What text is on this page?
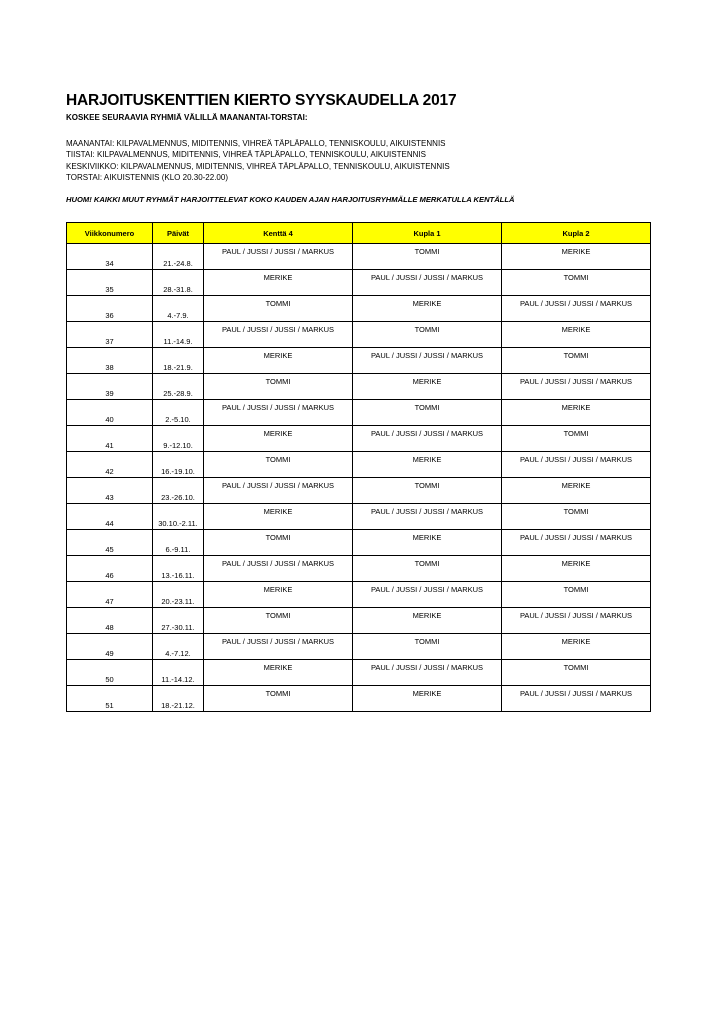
HARJOITUSKENTTIEN KIERTO SYYSKAUDELLA 2017
KOSKEE SEURAAVIA RYHMIÄ VÄLILLÄ MAANANTAI-TORSTAI:
MAANANTAI: KILPAVALMENNUS, MIDITENNIS, VIHREÄ TÄPLÄPALLO, TENNISKOULU, AIKUISTENNIS
TIISTAI: KILPAVALMENNUS, MIDITENNIS, VIHREÄ TÄPLÄPALLO, TENNISKOULU, AIKUISTENNIS
KESKIVIIKKO: KILPAVALMENNUS, MIDITENNIS, VIHREÄ TÄPLÄPALLO, TENNISKOULU, AIKUISTENNIS
TORSTAI: AIKUISTENNIS (KLO 20.30-22.00)
HUOM! KAIKKI MUUT RYHMÄT HARJOITTELEVAT KOKO KAUDEN AJAN HARJOITUSRYHMÄLLE MERKATULLA KENTÄLLÄ
Viikkonumero	Päivät	Kenttä 4	Kupla 1	Kupla 2
34	21.-24.8.	PAUL / JUSSI / JUSSI / MARKUS	TOMMI	MERIKE
35	28.-31.8.	MERIKE	PAUL / JUSSI / JUSSI / MARKUS	TOMMI
36	4.-7.9.	TOMMI	MERIKE	PAUL / JUSSI / JUSSI / MARKUS
37	11.-14.9.	PAUL / JUSSI / JUSSI / MARKUS	TOMMI	MERIKE
38	18.-21.9.	MERIKE	PAUL / JUSSI / JUSSI / MARKUS	TOMMI
39	25.-28.9.	TOMMI	MERIKE	PAUL / JUSSI / JUSSI / MARKUS
40	2.-5.10.	PAUL / JUSSI / JUSSI / MARKUS	TOMMI	MERIKE
41	9.-12.10.	MERIKE	PAUL / JUSSI / JUSSI / MARKUS	TOMMI
42	16.-19.10.	TOMMI	MERIKE	PAUL / JUSSI / JUSSI / MARKUS
43	23.-26.10.	PAUL / JUSSI / JUSSI / MARKUS	TOMMI	MERIKE
44	30.10.-2.11.	MERIKE	PAUL / JUSSI / JUSSI / MARKUS	TOMMI
45	6.-9.11.	TOMMI	MERIKE	PAUL / JUSSI / JUSSI / MARKUS
46	13.-16.11.	PAUL / JUSSI / JUSSI / MARKUS	TOMMI	MERIKE
47	20.-23.11.	MERIKE	PAUL / JUSSI / JUSSI / MARKUS	TOMMI
48	27.-30.11.	TOMMI	MERIKE	PAUL / JUSSI / JUSSI / MARKUS
49	4.-7.12.	PAUL / JUSSI / JUSSI / MARKUS	TOMMI	MERIKE
50	11.-14.12.	MERIKE	PAUL / JUSSI / JUSSI / MARKUS	TOMMI
51	18.-21.12.	TOMMI	MERIKE	PAUL / JUSSI / JUSSI / MARKUS
